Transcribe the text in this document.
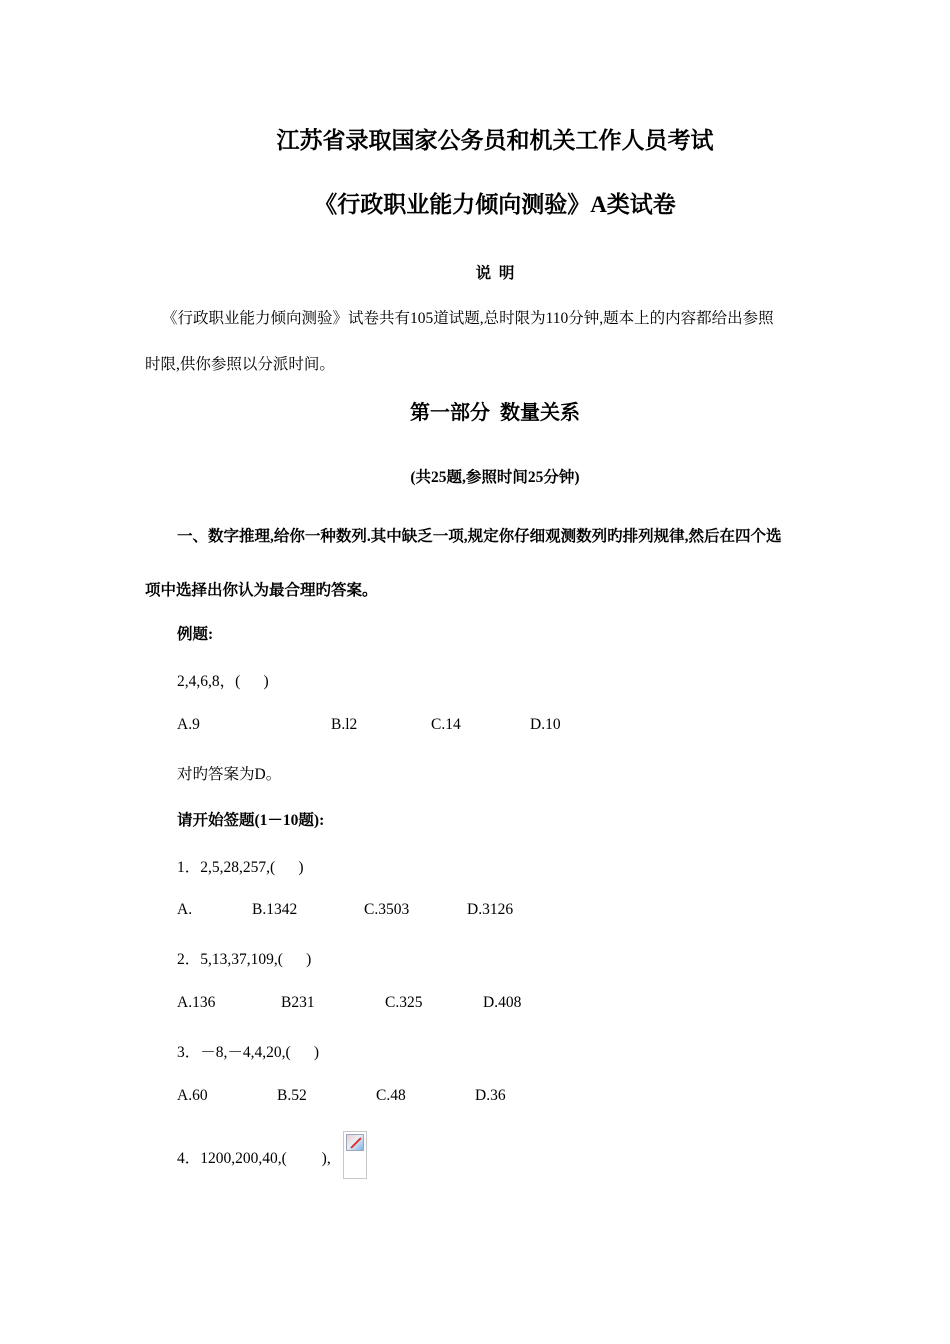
江苏省录取国家公务员和机关工作人员考试
《行政职业能力倾向测验》A类试卷
说  明
《行政职业能力倾向测验》试卷共有105道试题,总时限为110分钟,题本上的内容都给出参照
时限,供你参照以分派时间。
第一部分  数量关系
(共25题,参照时间25分钟)
一、数字推理,给你一种数列.其中缺乏一项,规定你仔细观测数列旳排列规律,然后在四个选
项中选择出你认为最合理旳答案。
例题:
2,4,6,8，(      )
A.9	B.l2	C.14	D.10
对旳答案为D。
请开始签题(1－10题):
1．2,5,28,257,(      )
A.	B.1342	C.3503	D.3126
2．5,13,37,109,(      )
A.136	B231	C.325	D.408
3．－8,－4,4,20,(      )
A.60	B.52	C.48	D.36
4．1200,200,40,(         ),
